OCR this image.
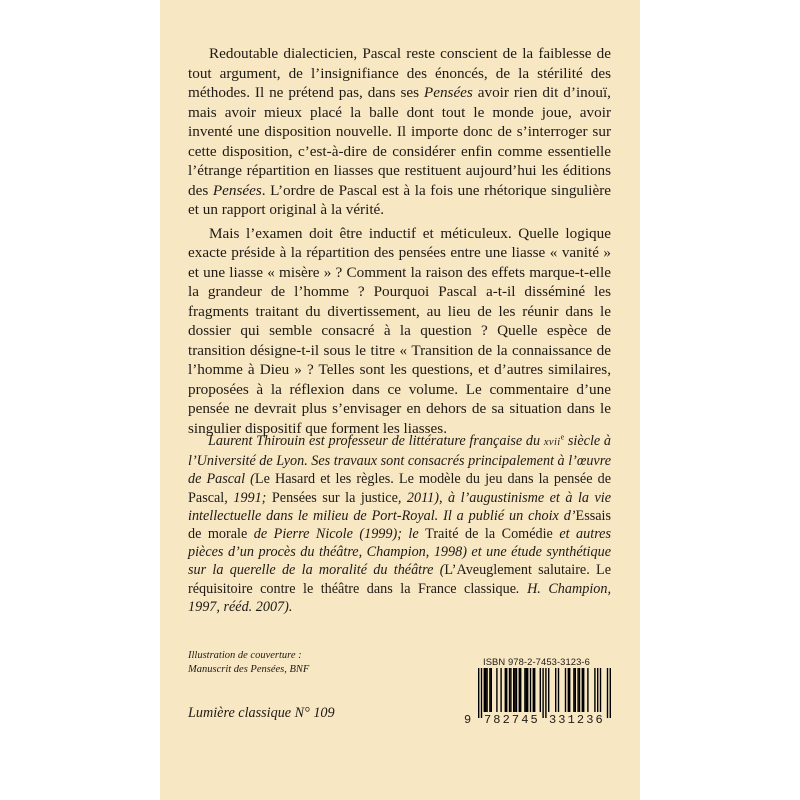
Redoutable dialecticien, Pascal reste conscient de la faiblesse de tout argument, de l’insignifiance des énoncés, de la stérilité des méthodes. Il ne prétend pas, dans ses Pensées avoir rien dit d’inouï, mais avoir mieux placé la balle dont tout le monde joue, avoir inventé une disposition nouvelle. Il importe donc de s’interroger sur cette disposition, c’est-à-dire de considérer enfin comme essentielle l’étrange répartition en liasses que restituent aujourd’hui les éditions des Pensées. L’ordre de Pascal est à la fois une rhétorique singulière et un rapport original à la vérité.

Mais l’examen doit être inductif et méticuleux. Quelle logique exacte préside à la répartition des pensées entre une liasse « vanité » et une liasse « misère » ? Comment la raison des effets marque-t-elle la grandeur de l’homme ? Pourquoi Pascal a-t-il disséminé les fragments traitant du divertissement, au lieu de les réunir dans le dossier qui semble consacré à la question ? Quelle espèce de transition désigne-t-il sous le titre « Transition de la connaissance de l’homme à Dieu » ? Telles sont les questions, et d’autres similaires, proposées à la réflexion dans ce volume. Le commentaire d’une pensée ne devrait plus s’envisager en dehors de sa situation dans le singulier dispositif que forment les liasses.

Laurent Thirouin est professeur de littérature française du xvii$^e$ siècle à l’Université de Lyon. Ses travaux sont consacrés principalement à l’œuvre de Pascal (Le Hasard et les règles. Le modèle du jeu dans la pensée de Pascal, 1991; Pensées sur la justice, 2011), à l’augustinisme et à la vie intellectuelle dans le milieu de Port-Royal. Il a publié un choix d’Essais de morale de Pierre Nicole (1999); le Traité de la Comédie et autres pièces d’un procès du théâtre, Champion, 1998) et une étude synthétique sur la querelle de la moralité du théâtre (L’Aveuglement salutaire. Le réquisitoire contre le théâtre dans la France classique. H. Champion, 1997, rééd. 2007).

Illustration de couverture :
Manuscrit des Pensées, BNF
Lumière classique N° 109
ISBN 978-2-7453-3123-6
9 782745 331236
